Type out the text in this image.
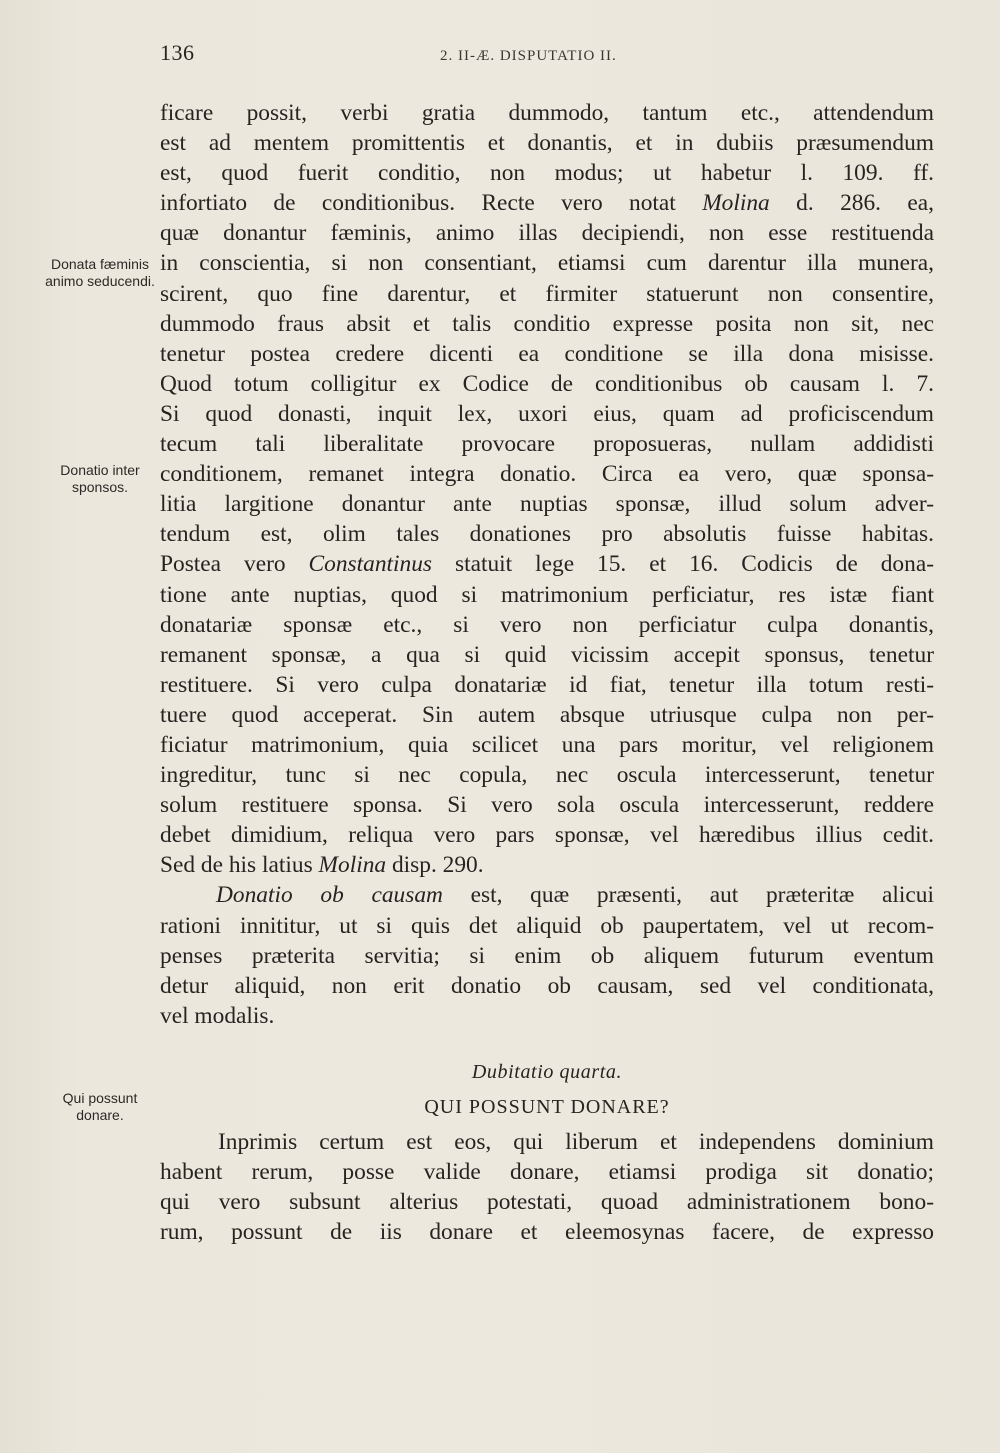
136	2. II-Æ. DISPUTATIO II.
Donata fæminis animo seducendi.
Donatio inter sponsos.
Qui possunt donare.
ficare possit, verbi gratia dummodo, tantum etc., attendendum
est ad mentem promittentis et donantis, et in dubiis præsumendum
est, quod fuerit conditio, non modus; ut habetur l. 109. ff.
infortiato de conditionibus. Recte vero notat Molina d. 286. ea,
quæ donantur fæminis, animo illas decipiendi, non esse restituenda
in conscientia, si non consentiant, etiamsi cum darentur illa munera,
scirent, quo fine darentur, et firmiter statuerunt non consentire,
dummodo fraus absit et talis conditio expresse posita non sit, nec
tenetur postea credere dicenti ea conditione se illa dona misisse.
Quod totum colligitur ex Codice de conditionibus ob causam l. 7.
Si quod donasti, inquit lex, uxori eius, quam ad proficiscendum
tecum tali liberalitate provocare proposueras, nullam addidisti
conditionem, remanet integra donatio. Circa ea vero, quæ sponsa-
litia largitione donantur ante nuptias sponsæ, illud solum adver-
tendum est, olim tales donationes pro absolutis fuisse habitas.
Postea vero Constantinus statuit lege 15. et 16. Codicis de dona-
tione ante nuptias, quod si matrimonium perficiatur, res istæ fiant
donatariæ sponsæ etc., si vero non perficiatur culpa donantis,
remanent sponsæ, a qua si quid vicissim accepit sponsus, tenetur
restituere. Si vero culpa donatariæ id fiat, tenetur illa totum resti-
tuere quod acceperat. Sin autem absque utriusque culpa non per-
ficiatur matrimonium, quia scilicet una pars moritur, vel religionem
ingreditur, tunc si nec copula, nec oscula intercesserunt, tenetur
solum restituere sponsa. Si vero sola oscula intercesserunt, reddere
debet dimidium, reliqua vero pars sponsæ, vel hæredibus illius cedit.
Sed de his latius Molina disp. 290.
Donatio ob causam est, quæ præsenti, aut præteritæ alicui
rationi innititur, ut si quis det aliquid ob paupertatem, vel ut recom-
penses præterita servitia; si enim ob aliquem futurum eventum
detur aliquid, non erit donatio ob causam, sed vel conditionata,
vel modalis.
Dubitatio quarta.
QUI POSSUNT DONARE?
Inprimis certum est eos, qui liberum et independens dominium
habent rerum, posse valide donare, etiamsi prodiga sit donatio;
qui vero subsunt alterius potestati, quoad administrationem bono-
rum, possunt de iis donare et eleemosynas facere, de expresso
